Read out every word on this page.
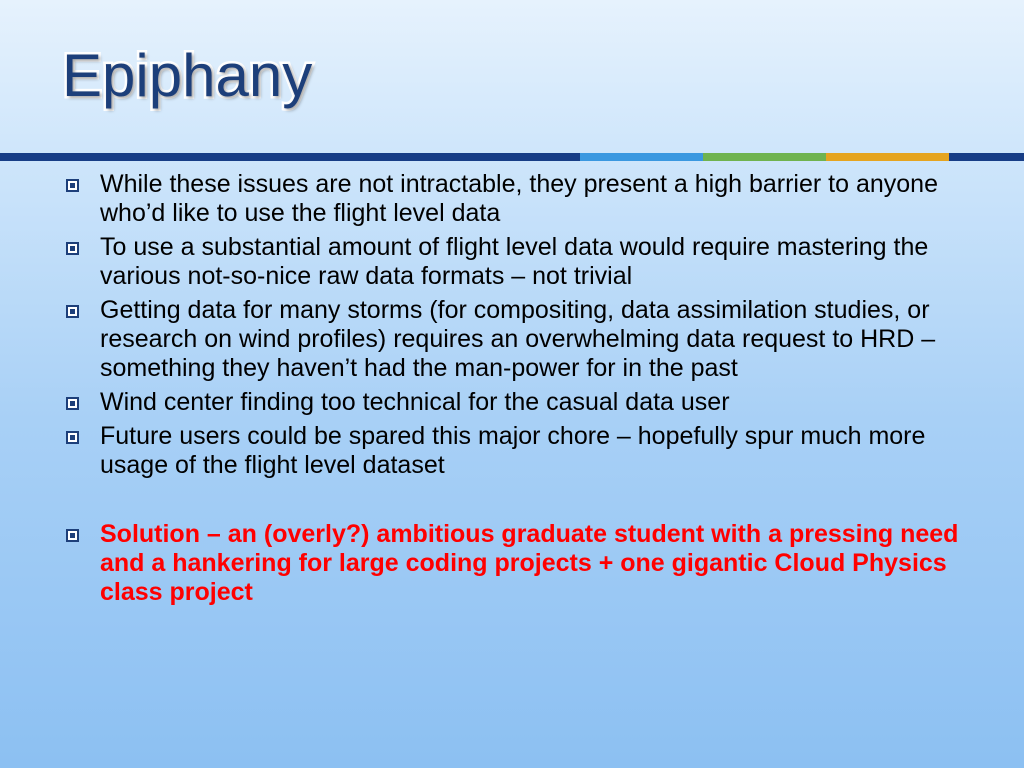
Epiphany
While these issues are not intractable, they present a high barrier to anyone who’d like to use the flight level data
To use a substantial amount of flight level data would require mastering the various not-so-nice raw data formats – not trivial
Getting data for many storms (for compositing, data assimilation studies, or research on wind profiles) requires an overwhelming data request to HRD – something they haven’t had the man-power for in the past
Wind center finding too technical for the casual data user
Future users could be spared this major chore – hopefully spur much more usage of the flight level dataset
Solution – an (overly?) ambitious graduate student with a pressing need and a hankering for large coding projects + one gigantic Cloud Physics class project
